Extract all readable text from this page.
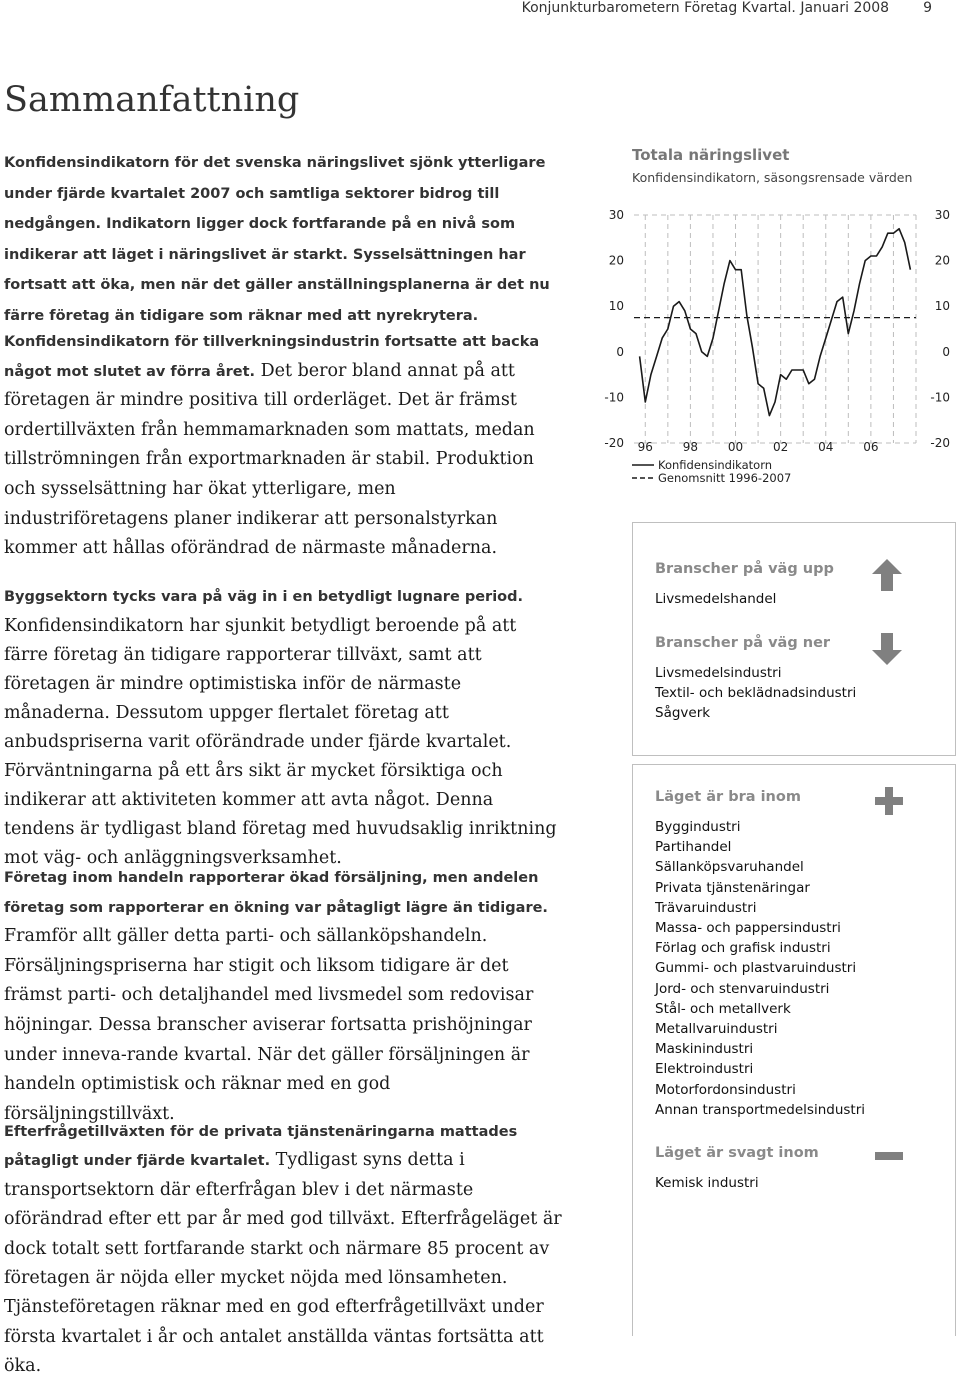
Konjunkturbarometern Företag Kvartal. Januari 2008 9
Sammanfattning
Konfidensindikatorn för det svenska näringslivet sjönk ytterligare under fjärde kvartalet 2007 och samtliga sektorer bidrog till nedgången. Indikatorn ligger dock fortfarande på en nivå som indikerar att läget i näringslivet är starkt. Sysselsättningen har fortsatt att öka, men när det gäller anställningsplanerna är det nu färre företag än tidigare som räknar med att nyrekrytera.
Konfidensindikatorn för tillverkningsindustrin fortsatte att backa något mot slutet av förra året. Det beror bland annat på att företagen är mindre positiva till orderläget. Det är främst ordertillväxten från hemmamarknaden som mattats, medan tillströmningen från exportmarknaden är stabil. Produktion och sysselsättning har ökat ytterligare, men industriföretagens planer indikerar att personalstyrkan kommer att hållas oförändrad de närmaste månaderna.
Byggsektorn tycks vara på väg in i en betydligt lugnare period. Konfidensindikatorn har sjunkit betydligt beroende på att färre företag än tidigare rapporterar tillväxt, samt att företagen är mindre optimistiska inför de närmaste månaderna. Dessutom uppger flertalet företag att anbudspriserna varit oförändrade under fjärde kvartalet. Förväntningarna på ett års sikt är mycket försiktiga och indikerar att aktiviteten kommer att avta något. Denna tendens är tydligast bland företag med huvudsaklig inriktning mot väg- och anläggningsverksamhet.
Företag inom handeln rapporterar ökad försäljning, men andelen företag som rapporterar en ökning var påtagligt lägre än tidigare. Framför allt gäller detta parti- och sällanköpshandeln. Försäljningspriserna har stigit och liksom tidigare är det främst parti- och detaljhandel med livsmedel som redovisar höjningar. Dessa branscher aviserar fortsatta prishöjningar under inneva-rande kvartal. När det gäller försäljningen är handeln optimistisk och räknar med en god försäljningstillväxt.
Efterfrågetillväxten för de privata tjänstenäringarna mattades påtagligt under fjärde kvartalet. Tydligast syns detta i transportsektorn där efterfrågan blev i det närmaste oförändrad efter ett par år med god tillväxt. Efterfrågeläget är dock totalt sett fortfarande starkt och närmare 85 procent av företagen är nöjda eller mycket nöjda med lönsamheten. Tjänsteföretagen räknar med en god efterfrågetillväxt under första kvartalet i år och antalet anställda väntas fortsätta att öka.
Totala näringslivet
Konfidensindikatorn, säsongsrensade värden
30
20
10
0
-10
-20
30
20
10
0
-10
-20
96 98 00 02 04 06
Konfidensindikatorn
Genomsnitt 1996-2007
Branscher på väg upp
Livsmedelshandel
Branscher på väg ner
Livsmedelsindustri
Textil- och beklädnadsindustri
Sågverk
Läget är bra inom
Byggindustri
Partihandel
Sällanköpsvaruhandel
Privata tjänstenäringar
Trävaruindustri
Massa- och pappersindustri
Förlag och grafisk industri
Gummi- och plastvaruindustri
Jord- och stenvaruindustri
Stål- och metallverk
Metallvaruindustri
Maskinindustri
Elektroindustri
Motorfordonsindustri
Annan transportmedelsindustri
Läget är svagt inom
Kemisk industri
